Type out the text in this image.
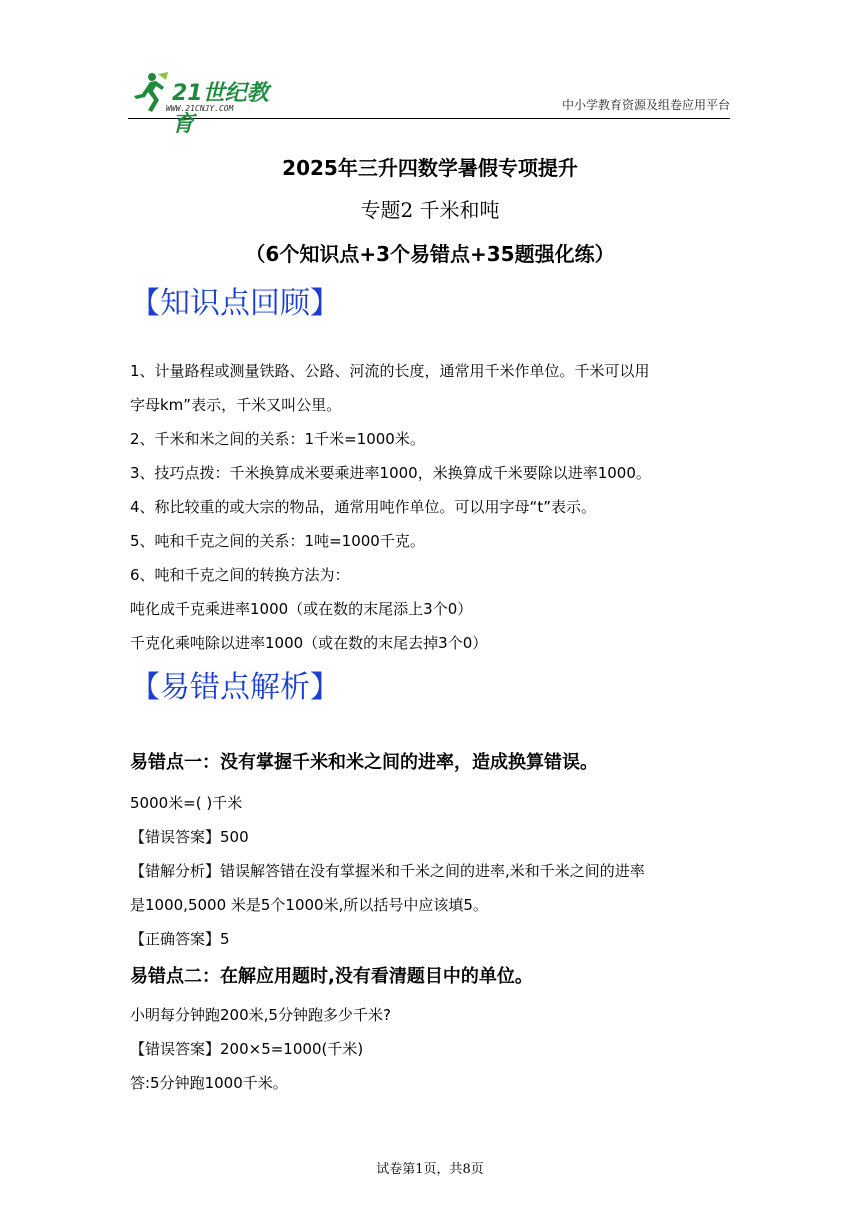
21世纪教育
WWW.21CNJY.COM	中小学教育资源及组卷应用平台
2025年三升四数学暑假专项提升
专题2 千米和吨
（6个知识点+3个易错点+35题强化练）
【知识点回顾】
1、计量路程或测量铁路、公路、河流的长度，通常用千米作单位。千米可以用
字母km”表示，千米又叫公里。
2、千米和米之间的关系：1千米=1000米。
3、技巧点拨：千米换算成米要乘进率1000，米换算成千米要除以进率1000。
4、称比较重的或大宗的物品，通常用吨作单位。可以用字母“t”表示。
5、吨和千克之间的关系：1吨=1000千克。
6、吨和千克之间的转换方法为：
吨化成千克乘进率1000（或在数的末尾添上3个0）
千克化乘吨除以进率1000（或在数的末尾去掉3个0）
【易错点解析】
易错点一：没有掌握千米和米之间的进率，造成换算错误。
5000米=( )千米
【错误答案】500
【错解分析】错误解答错在没有掌握米和千米之间的进率,米和千米之间的进率
是1000,5000 米是5个1000米,所以括号中应该填5。
【正确答案】5
易错点二：在解应用题时,没有看清题目中的单位。
小明每分钟跑200米,5分钟跑多少千米?
【错误答案】200×5=1000(千米)
答:5分钟跑1000千米。
试卷第1页，共8页
